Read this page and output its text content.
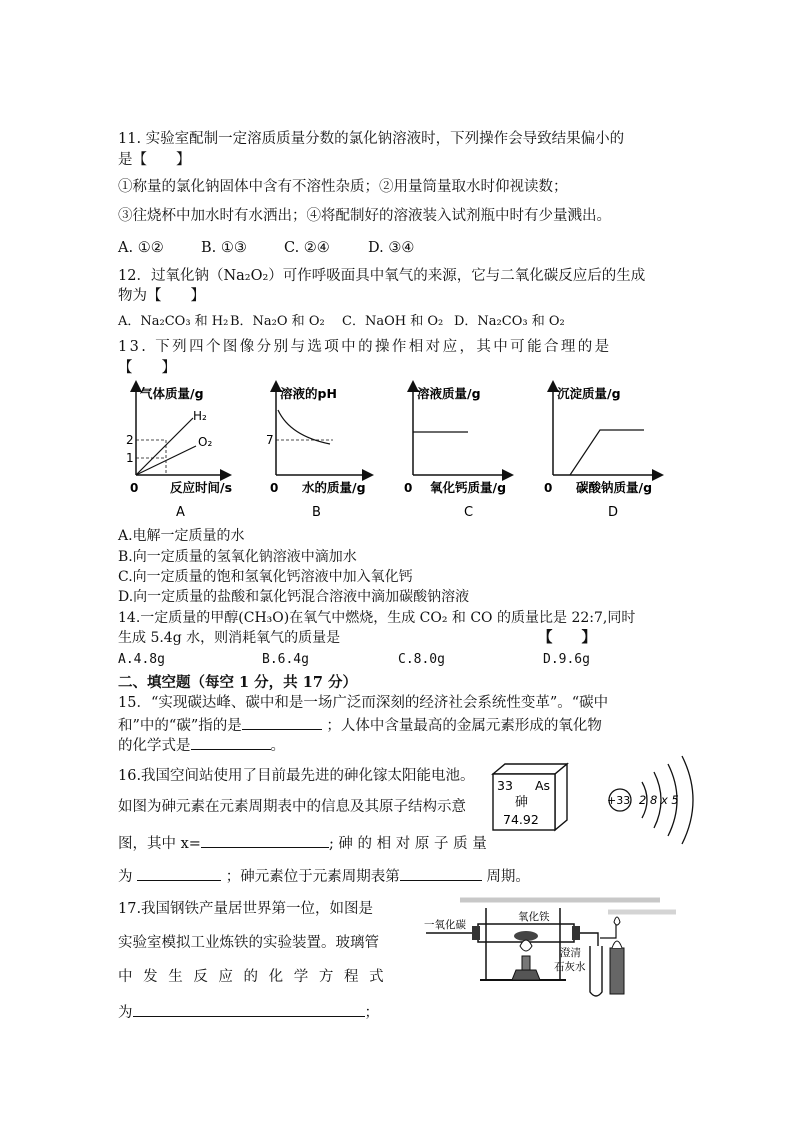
11. 实验室配制一定溶质质量分数的氯化钠溶液时，下列操作会导致结果偏小的
是【　　】
①称量的氯化钠固体中含有不溶性杂质；②用量筒量取水时仰视读数；
③往烧杯中加水时有水洒出；④将配制好的溶液装入试剂瓶中时有少量溅出。
A. ①②	B. ①③	C. ②④	D. ③④
12．过氧化钠（Na₂O₂）可作呼吸面具中氧气的来源，它与二氧化碳反应后的生成
物为【　　】
A．Na₂CO₃ 和 H₂ B．Na₂O 和 O₂ C．NaOH 和 O₂ D．Na₂CO₃ 和 O₂
13. 下列四个图像分别与选项中的操作相对应，其中可能合理的是
【　　】
气体质量/g
H₂
O₂
2
1
0	反应时间/s
A
溶液的pH
7
0 水的质量/g
B
溶液质量/g
0 氧化钙质量/g
C
沉淀质量/g
0 碳酸钠质量/g
D
A.电解一定质量的水
B.向一定质量的氢氧化钠溶液中滴加水
C.向一定质量的饱和氢氧化钙溶液中加入氧化钙
D.向一定质量的盐酸和氯化钙混合溶液中滴加碳酸钠溶液
14.一定质量的甲醇(CH₃O)在氧气中燃烧，生成 CO₂ 和 CO 的质量比是 22:7,同时
生成 5.4g 水，则消耗氧气的质量是	【　　】
A.4.8g	B.6.4g	C.8.0g	D.9.6g
二、填空题（每空 1 分，共 17 分）
15．“实现碳达峰、碳中和是一场广泛而深刻的经济社会系统性变革”。“碳中
和”中的“碳”指的是	；人体中含量最高的金属元素形成的氧化物
的化学式是	。
16.我国空间站使用了目前最先进的砷化镓太阳能电池。
如图为砷元素在元素周期表中的信息及其原子结构示意
图，其中 x=	; 砷 的 相 对 原 子 质 量
为	；砷元素位于元素周期表第	周期。
33 As
砷
74.92
+33 2 8 x 5
17.我国钢铁产量居世界第一位，如图是
实验室模拟工业炼铁的实验装置。玻璃管
中 发 生 反 应 的 化 学 方 程 式
为	；
一氧化碳
氧化铁
澄清
石灰水
